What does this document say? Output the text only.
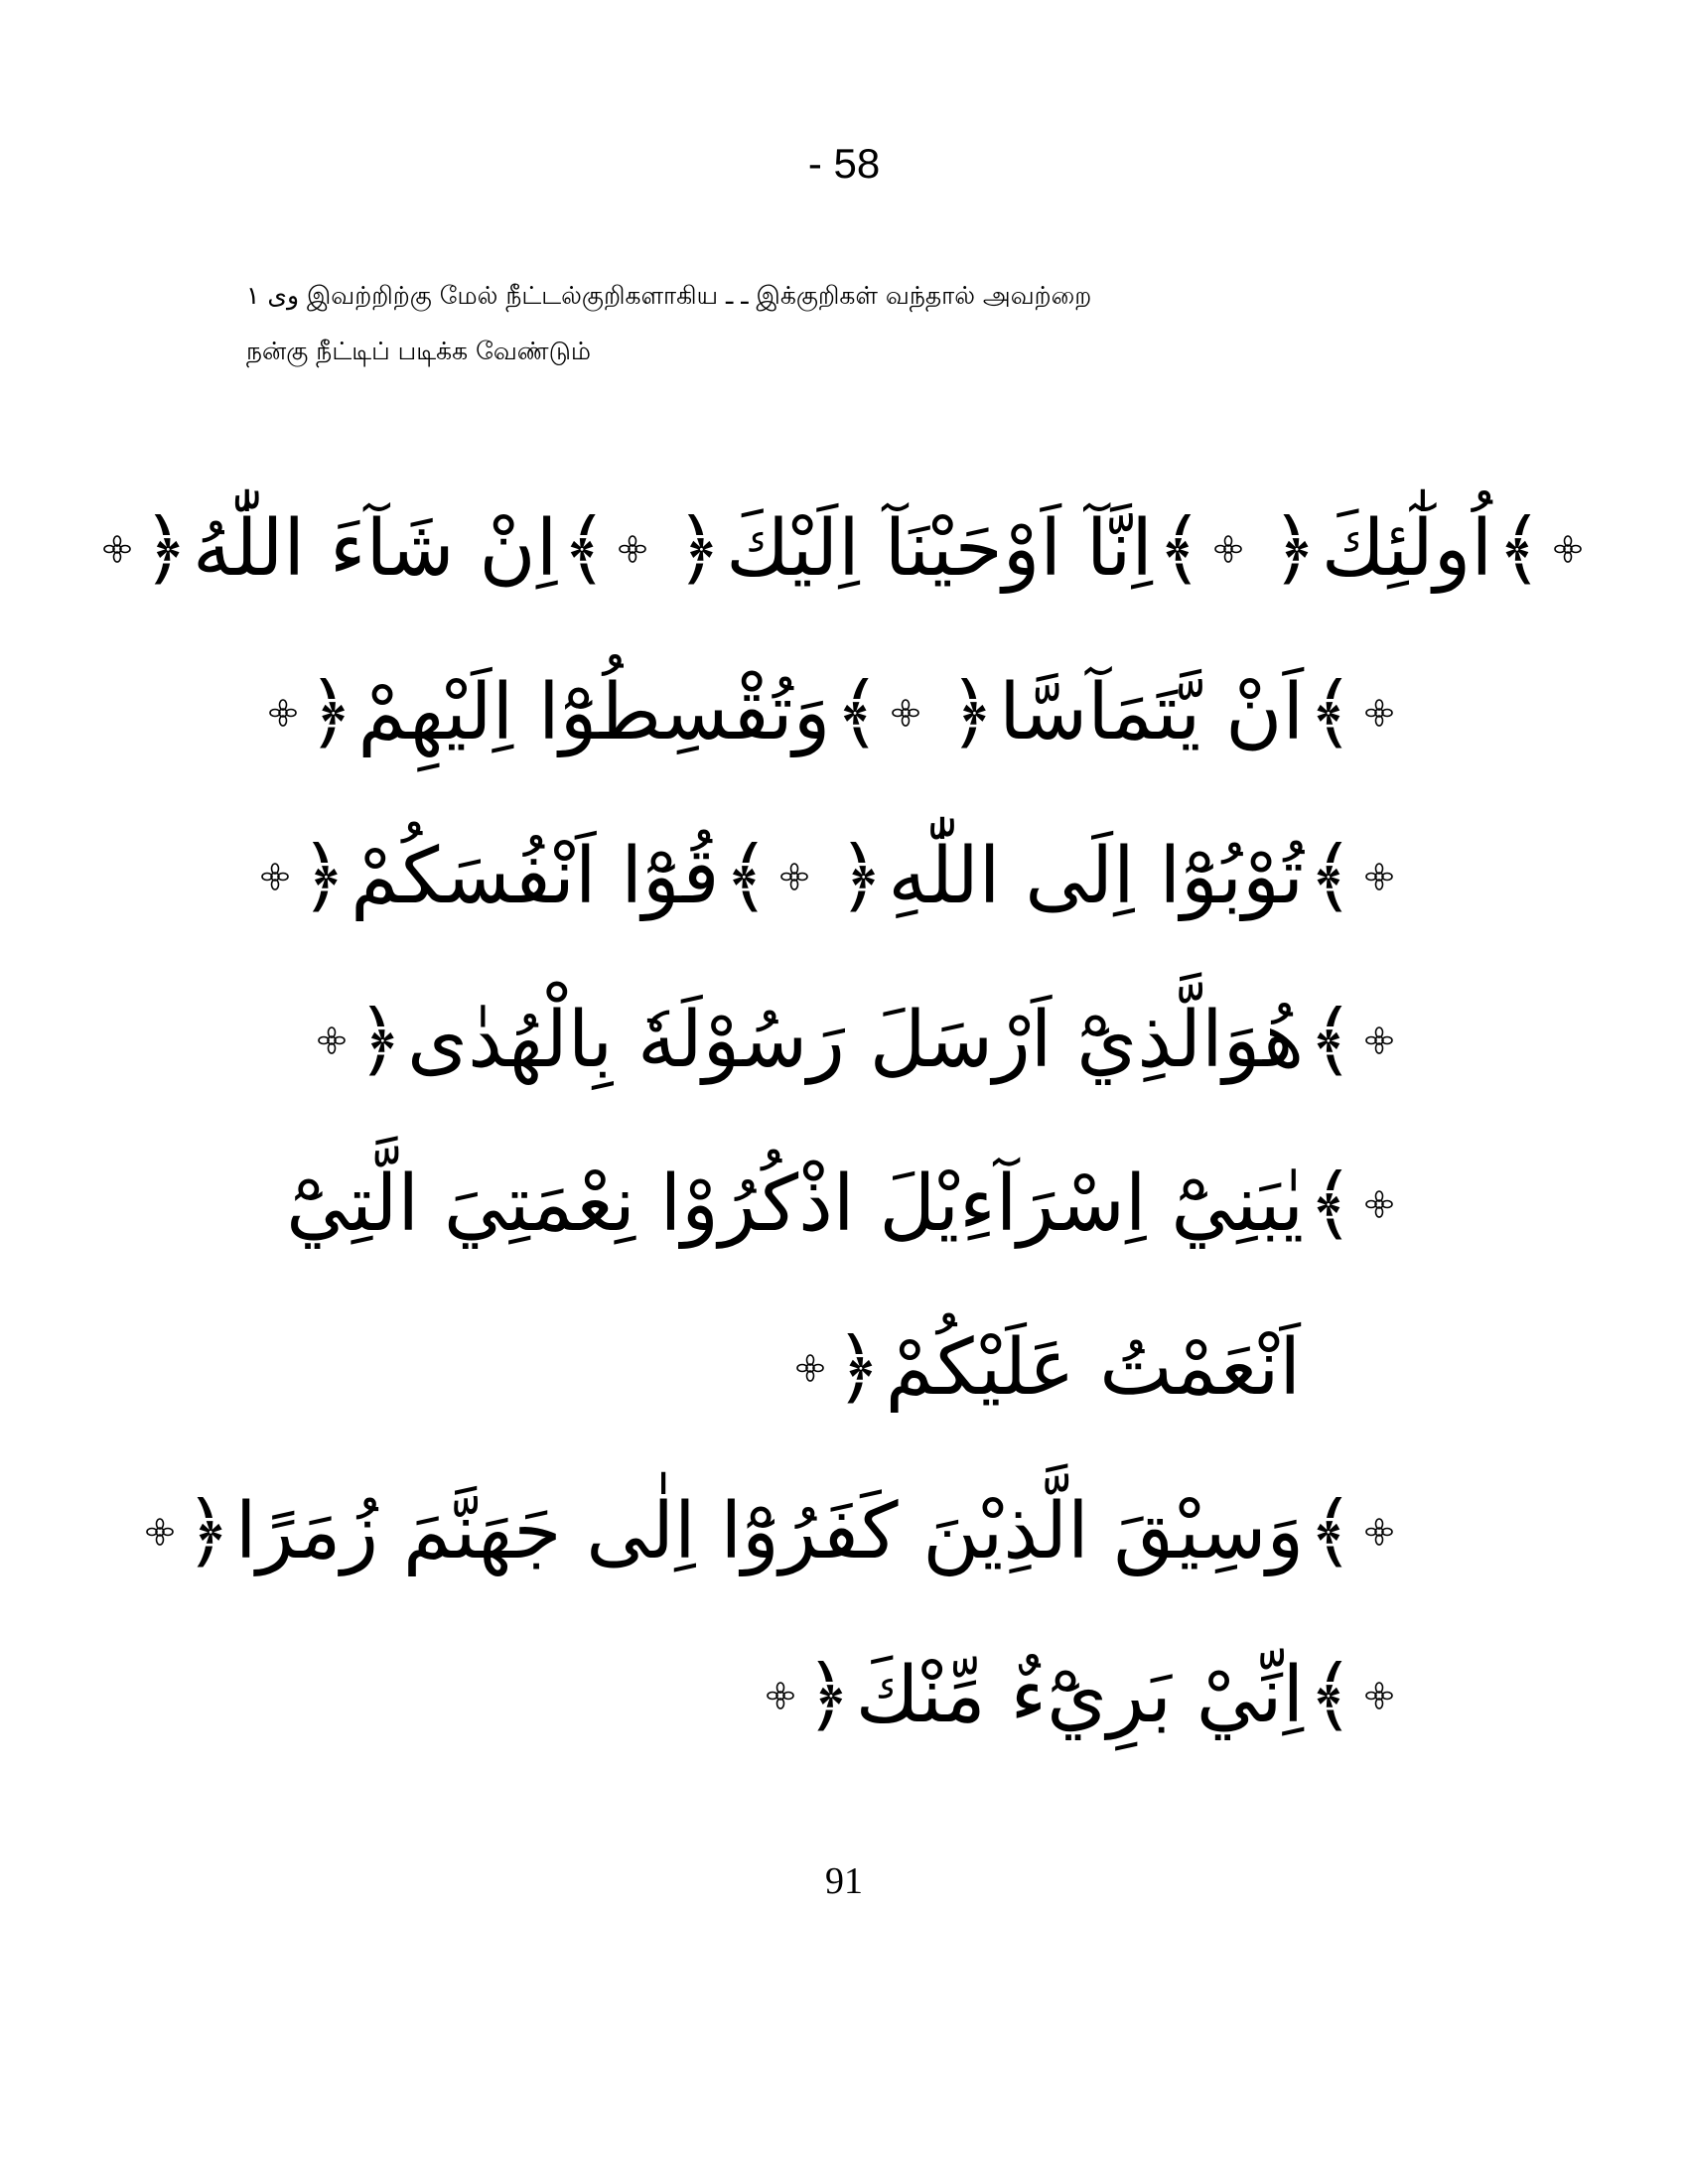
- 58
وی ۱ இவற்றிற்கு மேல் நீட்டல்குறிகளாகிய ـ ـ இக்குறிகள் வந்தால் அவற்றை
நன்கு நீட்டிப் படிக்க வேண்டும்
﴾
اُولٰٓئِكَ
﴿
﴾
اِنَّآ اَوْحَيْنَآ اِلَيْكَ
﴿
﴾
اِنْ شَآءَ اللّٰهُ
﴿
﴾
اَنْ يَّتَمَآسَّا
﴿
﴾
وَتُقْسِطُوْٓا اِلَيْهِمْ
﴿
﴾
تُوْبُوْٓا اِلَى اللّٰهِ
﴿
﴾
قُوْٓا اَنْفُسَكُمْ
﴿
﴾
هُوَالَّذِيْٓ اَرْسَلَ رَسُوْلَهٗ بِالْهُدٰى
﴿
﴾
يٰبَنِيْٓ اِسْرَآءِيْلَ اذْكُرُوْا نِعْمَتِيَ الَّتِيْٓ
اَنْعَمْتُ عَلَيْكُمْ
﴿
﴾
وَسِيْقَ الَّذِيْنَ كَفَرُوْٓا اِلٰى جَهَنَّمَ زُمَرًا
﴿
﴾
اِنِّيْ بَرِيْٓءٌ مِّنْكَ
﴿
91
